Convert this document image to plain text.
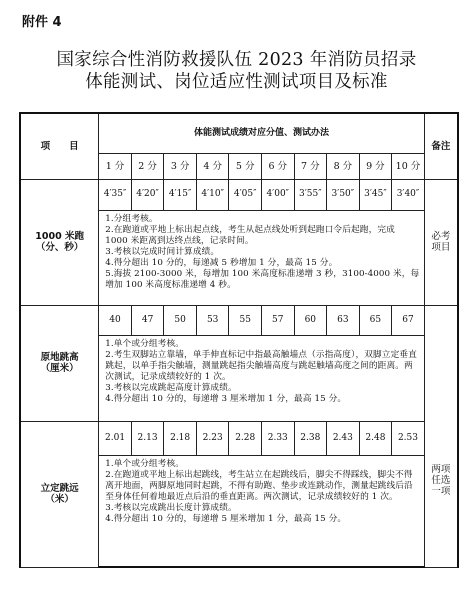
附件 4
国家综合性消防救援队伍 2023 年消防员招录
体能测试、岗位适应性测试项目及标准
项　　目	体能测试成绩对应分值、测试办法										备注
	1 分	2 分	3 分	4 分	5 分	6 分	7 分	8 分	9 分	10 分	
1000 米跑
（分、秒）	4′35″	4′20″	4′15″	4′10″	4′05″	4′00″	3′55″	3′50″	3′45″	3′40″	必考
项目

	1.分组考核。
2.在跑道或平地上标出起点线，考生从起点线处听到起跑口令后起跑，完成 1000 米距离到达终点线，记录时间。
3.考核以完成时间计算成绩。
4.得分超出 10 分的，每递减 5 秒增加 1 分，最高 15 分。
5.海拔 2100-3000 米，每增加 100 米高度标准递增 3 秒，3100-4000 米，每增加 100 米高度标准递增 4 秒。										

原地跳高
（厘米）	40	47	50	53	55	57	60	63	65	67	两项
任选
一项

	1.单个或分组考核。
2.考生双脚站立靠墙，单手伸直标记中指最高触墙点（示指高度），双脚立定垂直跳起，以单手指尖触墙，测量跳起指尖触墙高度与跳起触墙高度之间的距离。两次测试，记录成绩较好的 1 次。
3.考核以完成跳起高度计算成绩。
4.得分超出 10 分的，每递增 3 厘米增加 1 分，最高 15 分。										

立定跳远
（米）	2.01	2.13	2.18	2.23	2.28	2.33	2.38	2.43	2.48	2.53	

	1.单个或分组考核。
2.在跑道或平地上标出起跳线，考生站立在起跳线后，脚尖不得踩线，脚尖不得离开地面，两脚原地同时起跳，不得有助跑、垫步或连跳动作，测量起跳线后沿至身体任何着地最近点后沿的垂直距离。两次测试，记录成绩较好的 1 次。
3.考核以完成跳出长度计算成绩。
4.得分超出 10 分的，每递增 5 厘米增加 1 分，最高 15 分。										
